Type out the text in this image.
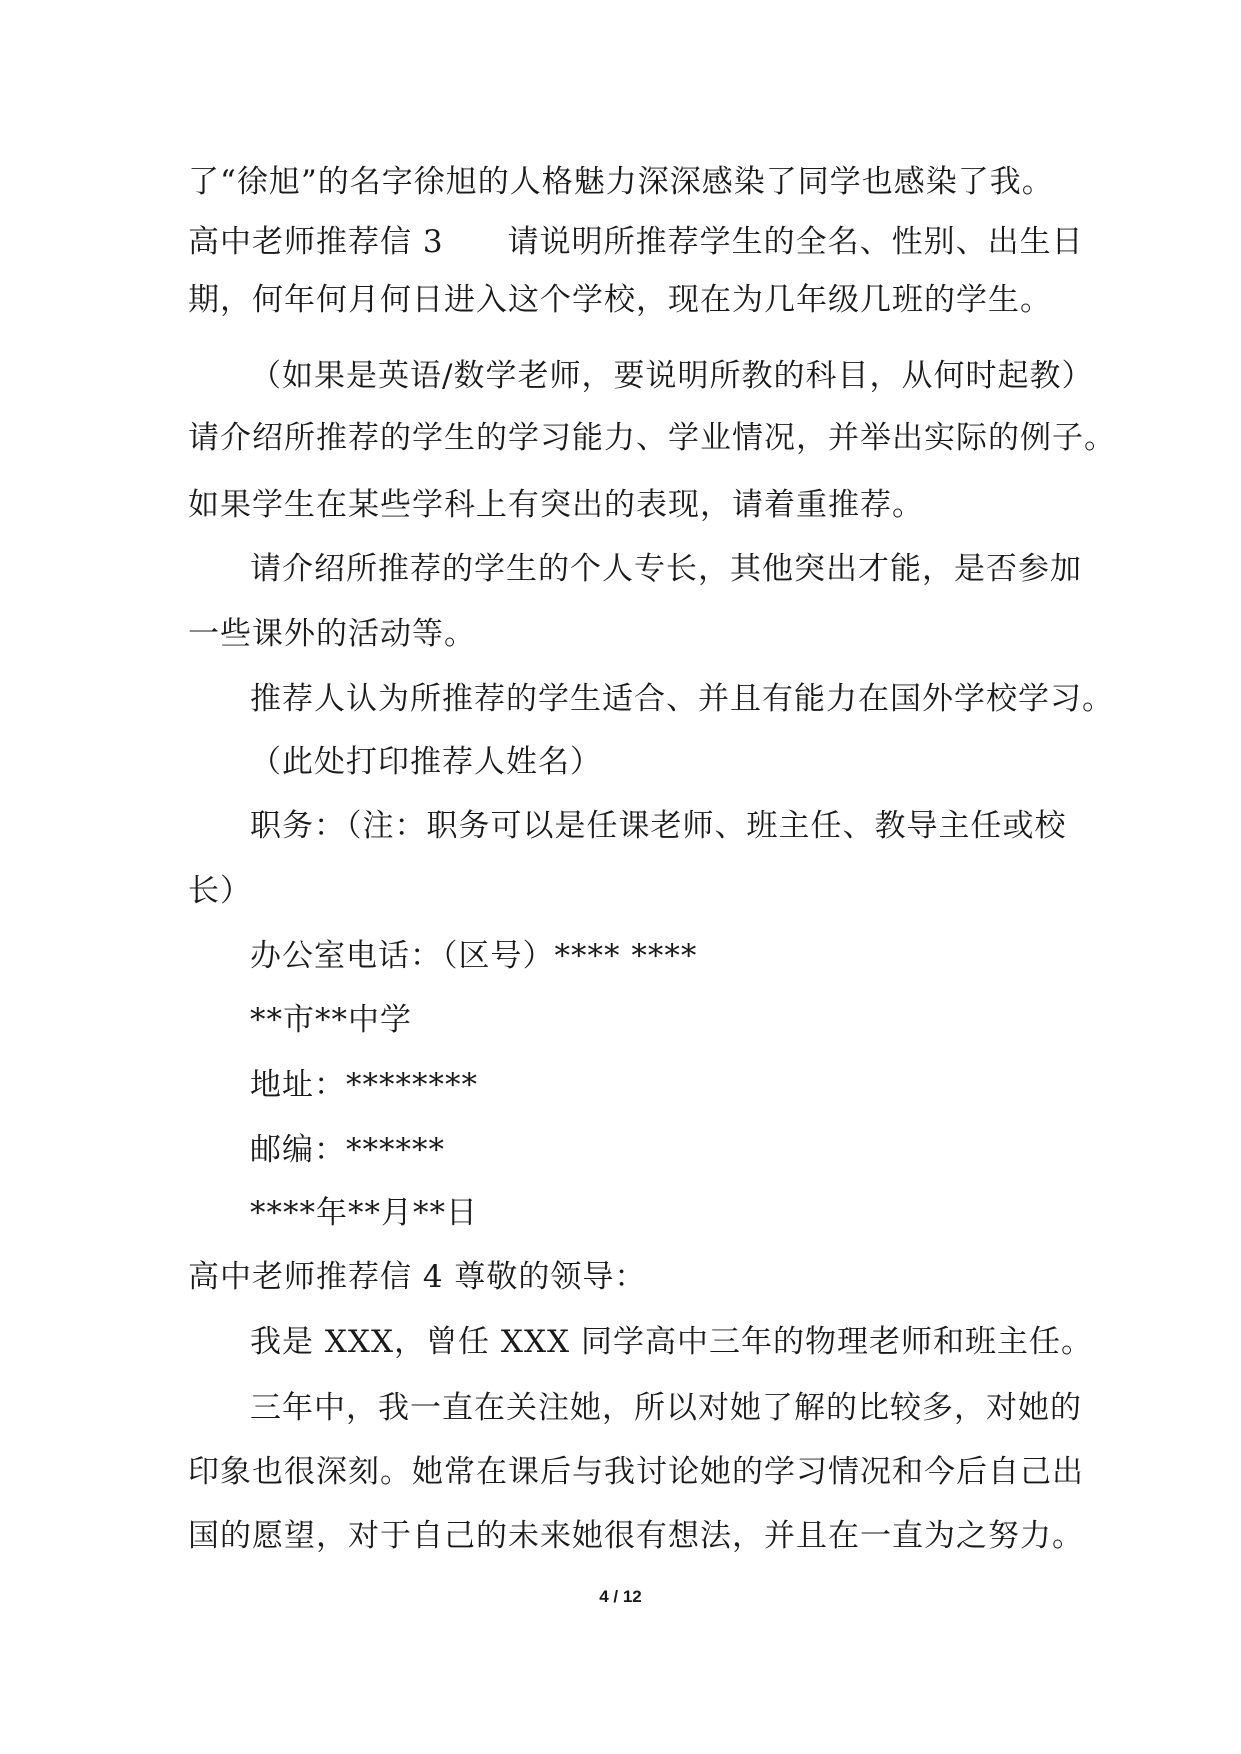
了“徐旭”的名字徐旭的人格魅力深深感染了同学也感染了我。
高中老师推荐信 3　　请说明所推荐学生的全名、性别、出生日
期，何年何月何日进入这个学校，现在为几年级几班的学生。
（如果是英语/数学老师，要说明所教的科目，从何时起教）
请介绍所推荐的学生的学习能力、学业情况，并举出实际的例子。
如果学生在某些学科上有突出的表现，请着重推荐。
请介绍所推荐的学生的个人专长，其他突出才能，是否参加
一些课外的活动等。
推荐人认为所推荐的学生适合、并且有能力在国外学校学习。
（此处打印推荐人姓名）
职务：（注：职务可以是任课老师、班主任、教导主任或校
长）
办公室电话：（区号）**** ****
**市**中学
地址：********
邮编：******
****年**月**日
高中老师推荐信 4 尊敬的领导：
我是 XXX，曾任 XXX 同学高中三年的物理老师和班主任。
三年中，我一直在关注她，所以对她了解的比较多，对她的
印象也很深刻。她常在课后与我讨论她的学习情况和今后自己出
国的愿望，对于自己的未来她很有想法，并且在一直为之努力。
4 / 12
